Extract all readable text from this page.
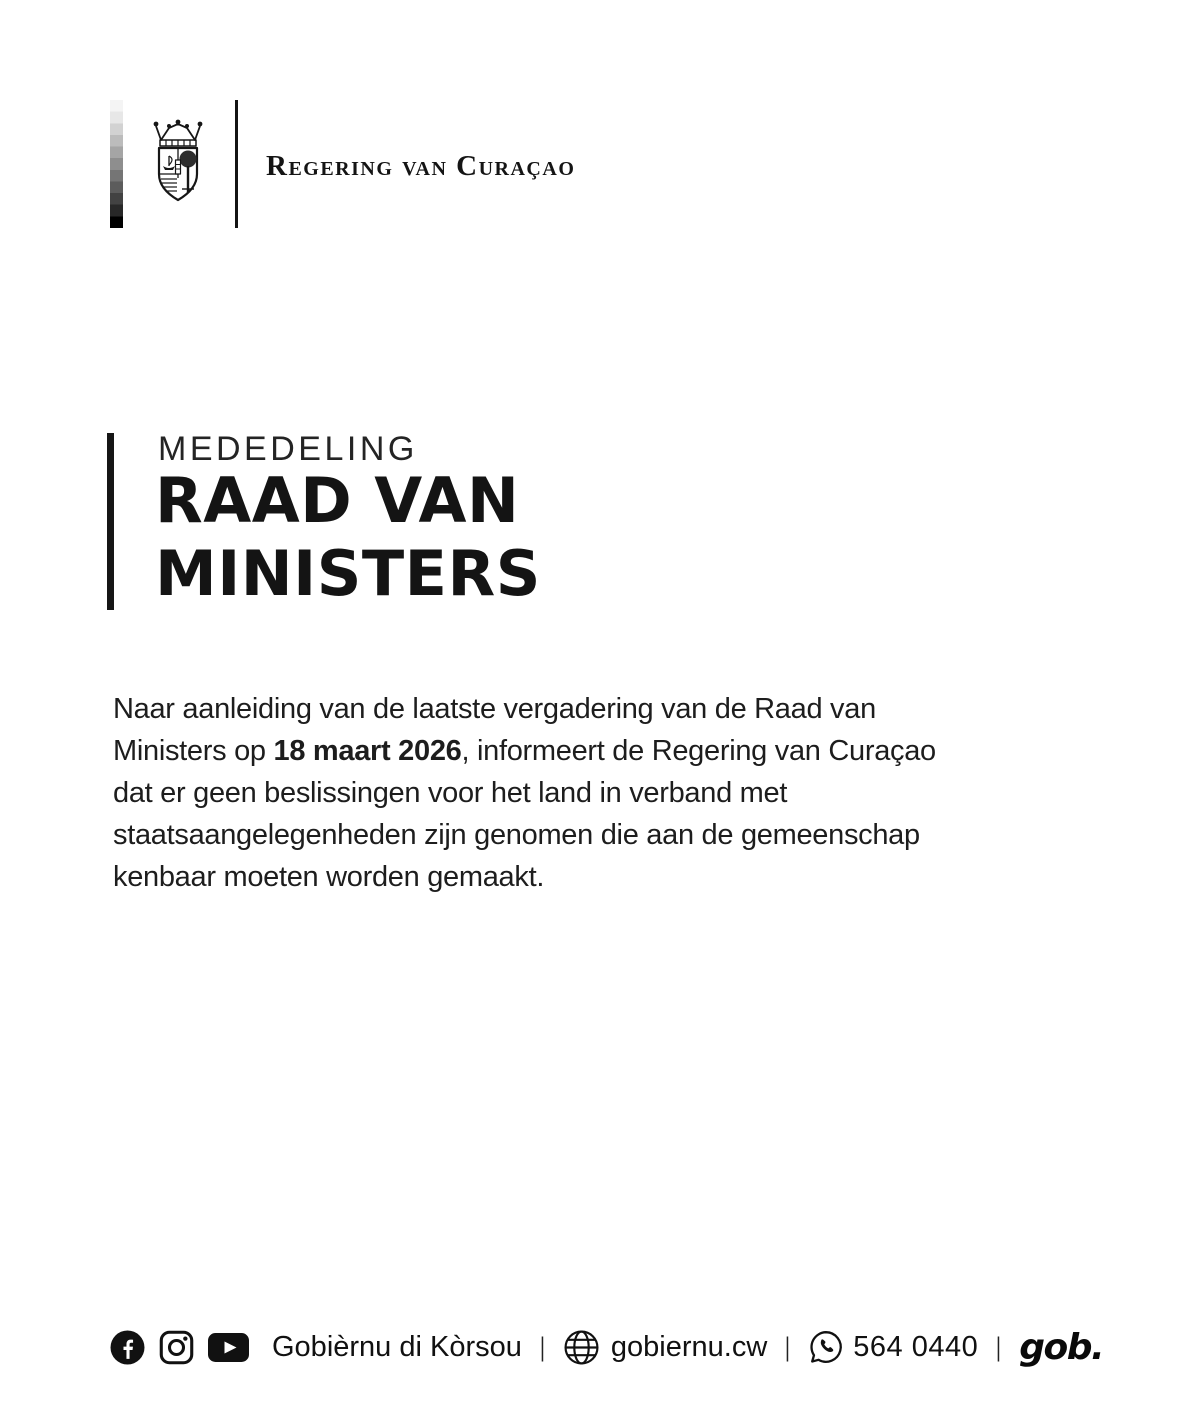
Regering van Curaçao
MEDEDELING
RAAD VAN
MINISTERS

Naar aanleiding van de laatste vergadering van de Raad van Ministers op 18 maart 2026, informeert de Regering van Curaçao dat er geen beslissingen voor het land in verband met staatsaangelegenheden zijn genomen die aan de gemeenschap kenbaar moeten worden gemaakt.

Gobièrnu di Kòrsou | gobiernu.cw | 564 0440 | gob.
